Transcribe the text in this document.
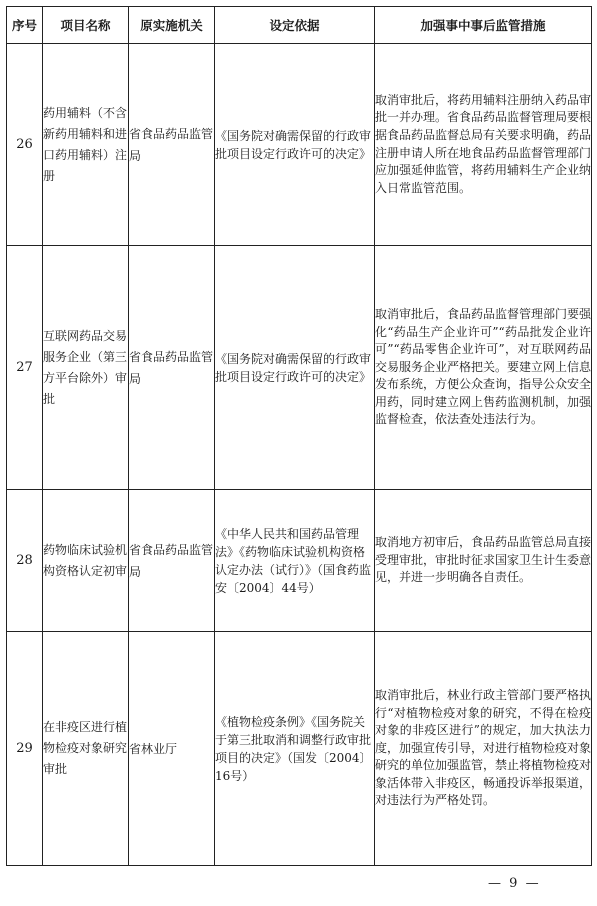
序号	项目名称	原实施机关	设定依据	加强事中事后监管措施
26	药用辅料（不含新药用辅料和进口药用辅料）注册	省食品药品监管局	《国务院对确需保留的行政审批项目设定行政许可的决定》	取消审批后，将药用辅料注册纳入药品审批一并办理。省食品药品监督管理局要根据食品药品监督总局有关要求明确，药品注册申请人所在地食品药品监督管理部门应加强延伸监管，将药用辅料生产企业纳入日常监管范围。
27	互联网药品交易服务企业（第三方平台除外）审批	省食品药品监管局	《国务院对确需保留的行政审批项目设定行政许可的决定》	取消审批后，食品药品监督管理部门要强化“药品生产企业许可”“药品批发企业许可”“药品零售企业许可”，对互联网药品交易服务企业严格把关。要建立网上信息发布系统，方便公众查询，指导公众安全用药，同时建立网上售药监测机制，加强监督检查，依法查处违法行为。
28	药物临床试验机构资格认定初审	省食品药品监管局	《中华人民共和国药品管理法》《药物临床试验机构资格认定办法（试行）》（国食药监安〔2004〕44号）	取消地方初审后，食品药品监管总局直接受理审批，审批时征求国家卫生计生委意见，并进一步明确各自责任。
29	在非疫区进行植物检疫对象研究审批	省林业厅	《植物检疫条例》《国务院关于第三批取消和调整行政审批项目的决定》（国发〔2004〕16号）	取消审批后，林业行政主管部门要严格执行“对植物检疫对象的研究，不得在检疫对象的非疫区进行”的规定，加大执法力度，加强宣传引导，对进行植物检疫对象研究的单位加强监管，禁止将植物检疫对象活体带入非疫区，畅通投诉举报渠道，对违法行为严格处罚。
— 9 —
